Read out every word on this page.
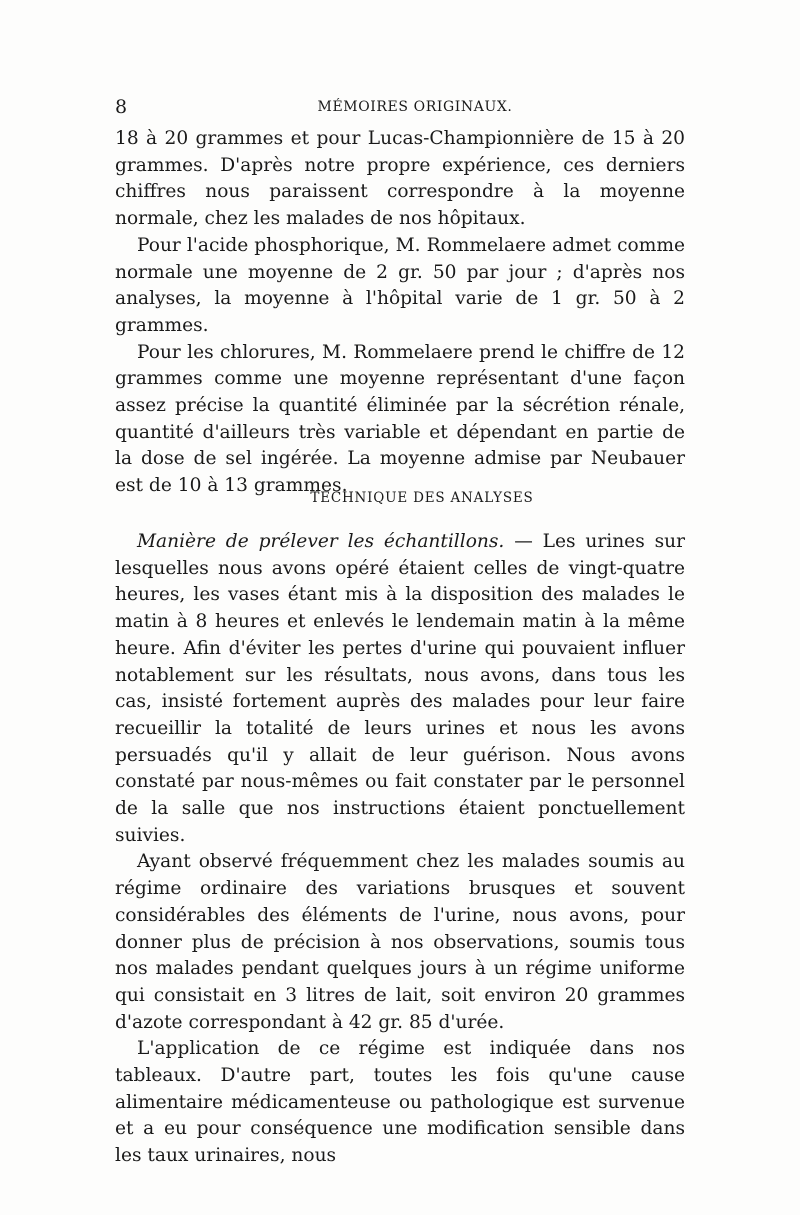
8	MÉMOIRES ORIGINAUX.

18 à 20 grammes et pour Lucas-Championnière de 15 à 20 grammes. D'après notre propre expérience, ces derniers chiffres nous paraissent correspondre à la moyenne normale, chez les malades de nos hôpitaux.

Pour l'acide phosphorique, M. Rommelaere admet comme normale une moyenne de 2 gr. 50 par jour ; d'après nos analyses, la moyenne à l'hôpital varie de 1 gr. 50 à 2 grammes.

Pour les chlorures, M. Rommelaere prend le chiffre de 12 grammes comme une moyenne représentant d'une façon assez précise la quantité éliminée par la sécrétion rénale, quantité d'ailleurs très variable et dépendant en partie de la dose de sel ingérée. La moyenne admise par Neubauer est de 10 à 13 grammes.

TECHNIQUE DES ANALYSES

Manière de prélever les échantillons. — Les urines sur lesquelles nous avons opéré étaient celles de vingt-quatre heures, les vases étant mis à la disposition des malades le matin à 8 heures et enlevés le lendemain matin à la même heure. Afin d'éviter les pertes d'urine qui pouvaient influer notablement sur les résultats, nous avons, dans tous les cas, insisté fortement auprès des malades pour leur faire recueillir la totalité de leurs urines et nous les avons persuadés qu'il y allait de leur guérison. Nous avons constaté par nous-mêmes ou fait constater par le personnel de la salle que nos instructions étaient ponctuellement suivies.

Ayant observé fréquemment chez les malades soumis au régime ordinaire des variations brusques et souvent considérables des éléments de l'urine, nous avons, pour donner plus de précision à nos observations, soumis tous nos malades pendant quelques jours à un régime uniforme qui consistait en 3 litres de lait, soit environ 20 grammes d'azote correspondant à 42 gr. 85 d'urée.

L'application de ce régime est indiquée dans nos tableaux. D'autre part, toutes les fois qu'une cause alimentaire médicamenteuse ou pathologique est survenue et a eu pour conséquence une modification sensible dans les taux urinaires, nous
